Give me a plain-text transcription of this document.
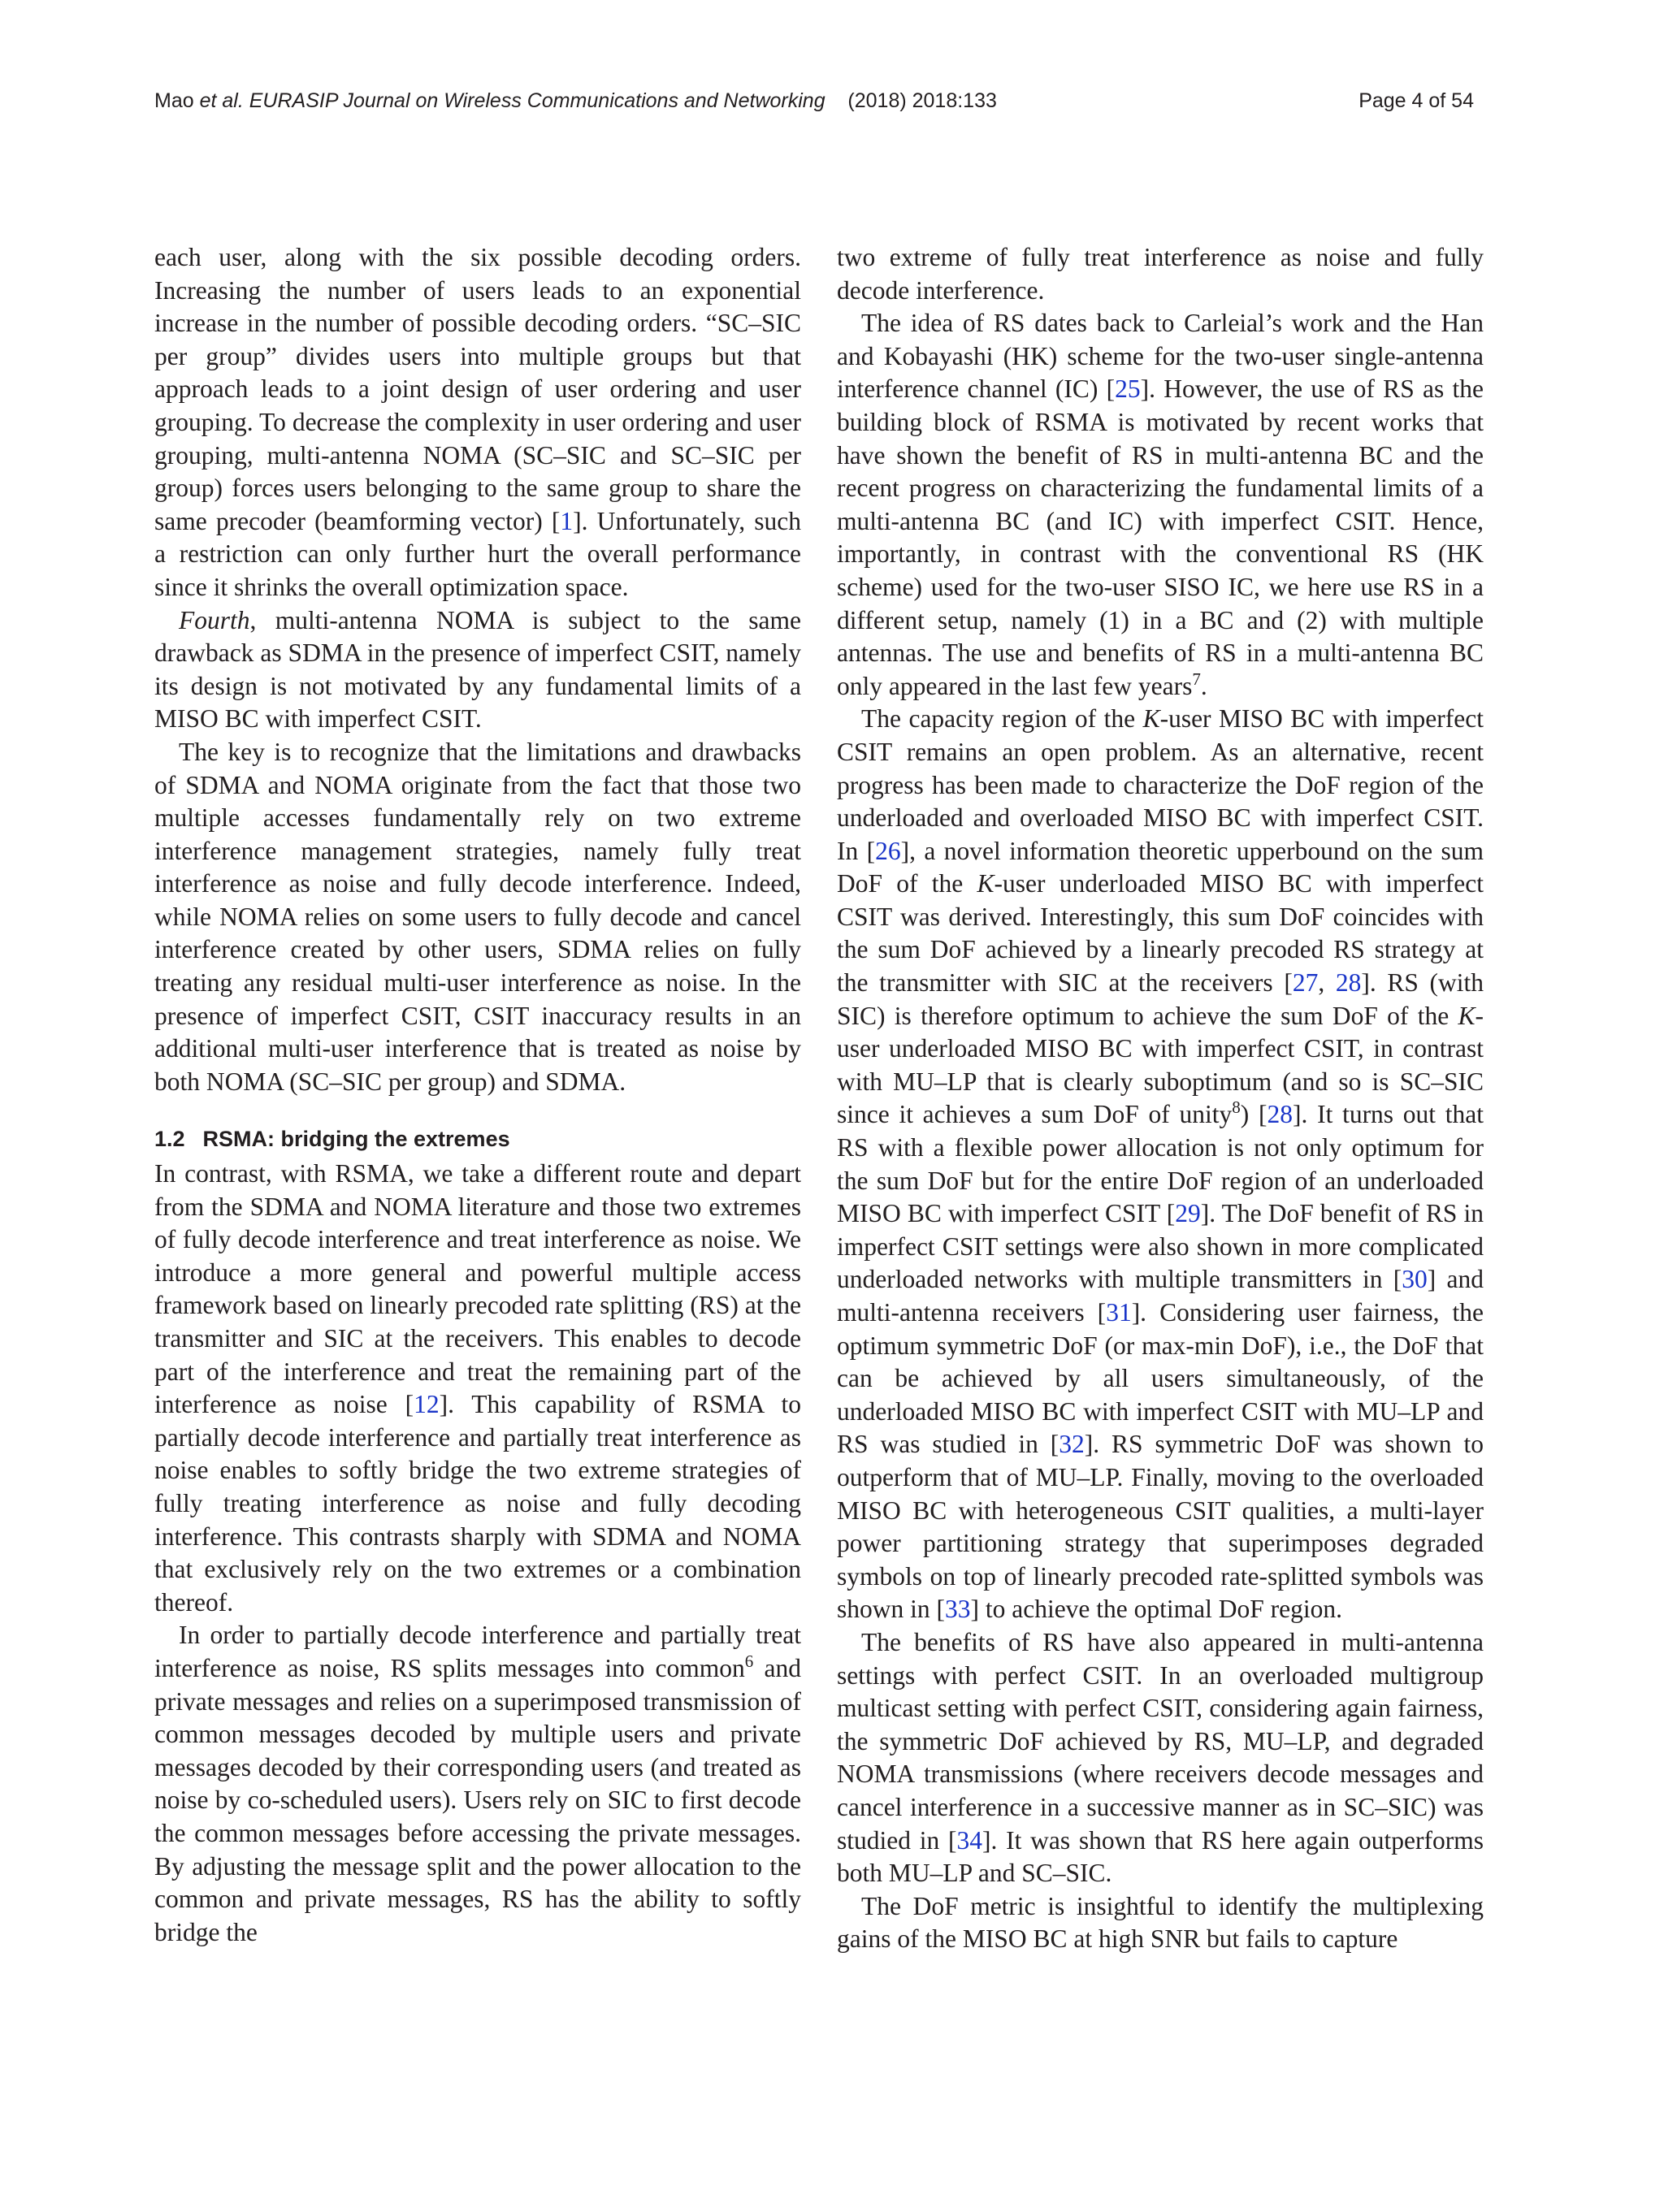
Mao et al. EURASIP Journal on Wireless Communications and Networking (2018) 2018:133	Page 4 of 54

each user, along with the six possible decoding orders. Increasing the number of users leads to an exponential increase in the number of possible decoding orders. “SC–SIC per group” divides users into multiple groups but that approach leads to a joint design of user ordering and user grouping. To decrease the complexity in user ordering and user grouping, multi-antenna NOMA (SC–SIC and SC–SIC per group) forces users belonging to the same group to share the same precoder (beamforming vector) [1]. Unfortunately, such a restriction can only further hurt the overall performance since it shrinks the overall optimization space.

Fourth, multi-antenna NOMA is subject to the same drawback as SDMA in the presence of imperfect CSIT, namely its design is not motivated by any fundamental limits of a MISO BC with imperfect CSIT.

The key is to recognize that the limitations and drawbacks of SDMA and NOMA originate from the fact that those two multiple accesses fundamentally rely on two extreme interference management strategies, namely fully treat interference as noise and fully decode interference. Indeed, while NOMA relies on some users to fully decode and cancel interference created by other users, SDMA relies on fully treating any residual multi-user interference as noise. In the presence of imperfect CSIT, CSIT inaccuracy results in an additional multi-user interference that is treated as noise by both NOMA (SC–SIC per group) and SDMA.

1.2 RSMA: bridging the extremes

In contrast, with RSMA, we take a different route and depart from the SDMA and NOMA literature and those two extremes of fully decode interference and treat interference as noise. We introduce a more general and powerful multiple access framework based on linearly precoded rate splitting (RS) at the transmitter and SIC at the receivers. This enables to decode part of the interference and treat the remaining part of the interference as noise [12]. This capability of RSMA to partially decode interference and partially treat interference as noise enables to softly bridge the two extreme strategies of fully treating interference as noise and fully decoding interference. This contrasts sharply with SDMA and NOMA that exclusively rely on the two extremes or a combination thereof.

In order to partially decode interference and partially treat interference as noise, RS splits messages into common$^6$ and private messages and relies on a superimposed transmission of common messages decoded by multiple users and private messages decoded by their corresponding users (and treated as noise by co-scheduled users). Users rely on SIC to first decode the common messages before accessing the private messages. By adjusting the message split and the power allocation to the common and private messages, RS has the ability to softly bridge the

two extreme of fully treat interference as noise and fully decode interference.

The idea of RS dates back to Carleial’s work and the Han and Kobayashi (HK) scheme for the two-user single-antenna interference channel (IC) [25]. However, the use of RS as the building block of RSMA is motivated by recent works that have shown the benefit of RS in multi-antenna BC and the recent progress on characterizing the fundamental limits of a multi-antenna BC (and IC) with imperfect CSIT. Hence, importantly, in contrast with the conventional RS (HK scheme) used for the two-user SISO IC, we here use RS in a different setup, namely (1) in a BC and (2) with multiple antennas. The use and benefits of RS in a multi-antenna BC only appeared in the last few years$^7$.

The capacity region of the K-user MISO BC with imperfect CSIT remains an open problem. As an alternative, recent progress has been made to characterize the DoF region of the underloaded and overloaded MISO BC with imperfect CSIT. In [26], a novel information theoretic upperbound on the sum DoF of the K-user underloaded MISO BC with imperfect CSIT was derived. Interestingly, this sum DoF coincides with the sum DoF achieved by a linearly precoded RS strategy at the transmitter with SIC at the receivers [27, 28]. RS (with SIC) is therefore optimum to achieve the sum DoF of the K-user underloaded MISO BC with imperfect CSIT, in contrast with MU–LP that is clearly suboptimum (and so is SC–SIC since it achieves a sum DoF of unity$^8$) [28]. It turns out that RS with a flexible power allocation is not only optimum for the sum DoF but for the entire DoF region of an underloaded MISO BC with imperfect CSIT [29]. The DoF benefit of RS in imperfect CSIT settings were also shown in more complicated underloaded networks with multiple transmitters in [30] and multi-antenna receivers [31]. Considering user fairness, the optimum symmetric DoF (or max-min DoF), i.e., the DoF that can be achieved by all users simultaneously, of the underloaded MISO BC with imperfect CSIT with MU–LP and RS was studied in [32]. RS symmetric DoF was shown to outperform that of MU–LP. Finally, moving to the overloaded MISO BC with heterogeneous CSIT qualities, a multi-layer power partitioning strategy that superimposes degraded symbols on top of linearly precoded rate-splitted symbols was shown in [33] to achieve the optimal DoF region.

The benefits of RS have also appeared in multi-antenna settings with perfect CSIT. In an overloaded multigroup multicast setting with perfect CSIT, considering again fairness, the symmetric DoF achieved by RS, MU–LP, and degraded NOMA transmissions (where receivers decode messages and cancel interference in a successive manner as in SC–SIC) was studied in [34]. It was shown that RS here again outperforms both MU–LP and SC–SIC.

The DoF metric is insightful to identify the multiplexing gains of the MISO BC at high SNR but fails to capture
